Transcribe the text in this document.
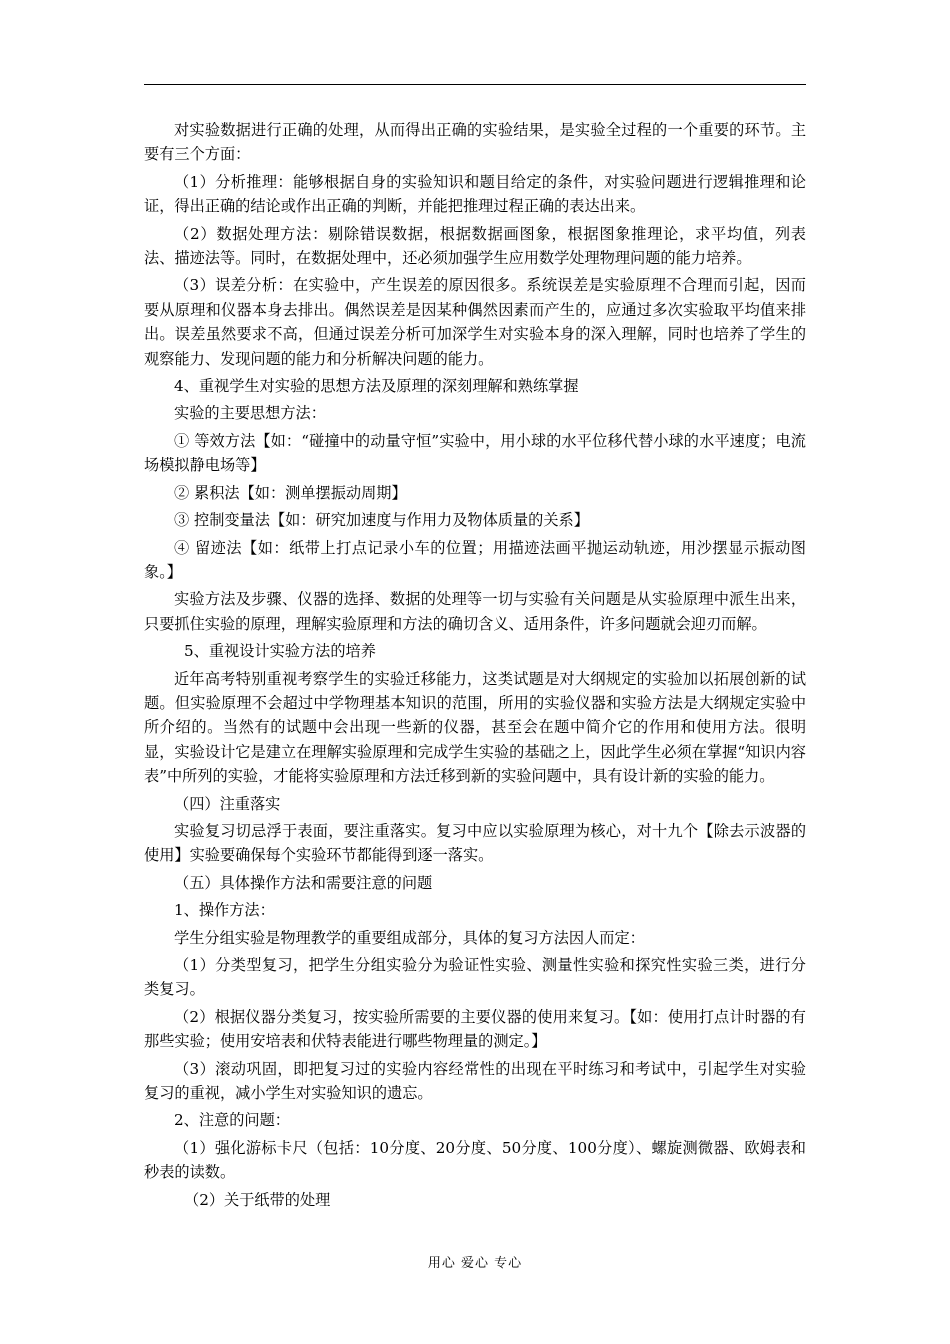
对实验数据进行正确的处理，从而得出正确的实验结果，是实验全过程的一个重要的环节。主要有三个方面：

（1）分析推理：能够根据自身的实验知识和题目给定的条件，对实验问题进行逻辑推理和论证，得出正确的结论或作出正确的判断，并能把推理过程正确的表达出来。

（2）数据处理方法：剔除错误数据，根据数据画图象，根据图象推理论，求平均值，列表法、描迹法等。同时，在数据处理中，还必须加强学生应用数学处理物理问题的能力培养。

（3）误差分析：在实验中，产生误差的原因很多。系统误差是实验原理不合理而引起，因而要从原理和仪器本身去排出。偶然误差是因某种偶然因素而产生的，应通过多次实验取平均值来排出。误差虽然要求不高，但通过误差分析可加深学生对实验本身的深入理解，同时也培养了学生的观察能力、发现问题的能力和分析解决问题的能力。

4、重视学生对实验的思想方法及原理的深刻理解和熟练掌握

实验的主要思想方法：

① 等效方法【如：“碰撞中的动量守恒”实验中，用小球的水平位移代替小球的水平速度；电流场模拟静电场等】

② 累积法【如：测单摆振动周期】

③ 控制变量法【如：研究加速度与作用力及物体质量的关系】

④ 留迹法【如：纸带上打点记录小车的位置；用描迹法画平抛运动轨迹，用沙摆显示振动图象。】

实验方法及步骤、仪器的选择、数据的处理等一切与实验有关问题是从实验原理中派生出来，只要抓住实验的原理，理解实验原理和方法的确切含义、适用条件，许多问题就会迎刃而解。

5、重视设计实验方法的培养

近年高考特别重视考察学生的实验迁移能力，这类试题是对大纲规定的实验加以拓展创新的试题。但实验原理不会超过中学物理基本知识的范围，所用的实验仪器和实验方法是大纲规定实验中所介绍的。当然有的试题中会出现一些新的仪器，甚至会在题中简介它的作用和使用方法。很明显，实验设计它是建立在理解实验原理和完成学生实验的基础之上，因此学生必须在掌握“知识内容表”中所列的实验，才能将实验原理和方法迁移到新的实验问题中，具有设计新的实验的能力。

（四）注重落实

实验复习切忌浮于表面，要注重落实。复习中应以实验原理为核心，对十九个【除去示波器的使用】实验要确保每个实验环节都能得到逐一落实。

（五）具体操作方法和需要注意的问题

1、操作方法：

学生分组实验是物理教学的重要组成部分，具体的复习方法因人而定：

（1）分类型复习，把学生分组实验分为验证性实验、测量性实验和探究性实验三类，进行分类复习。

（2）根据仪器分类复习，按实验所需要的主要仪器的使用来复习。【如：使用打点计时器的有那些实验；使用安培表和伏特表能进行哪些物理量的测定。】

（3）滚动巩固，即把复习过的实验内容经常性的出现在平时练习和考试中，引起学生对实验复习的重视，减小学生对实验知识的遗忘。

2、注意的问题：

（1）强化游标卡尺（包括：10分度、20分度、50分度、100分度）、螺旋测微器、欧姆表和秒表的读数。

（2）关于纸带的处理

用心 爱心 专心
